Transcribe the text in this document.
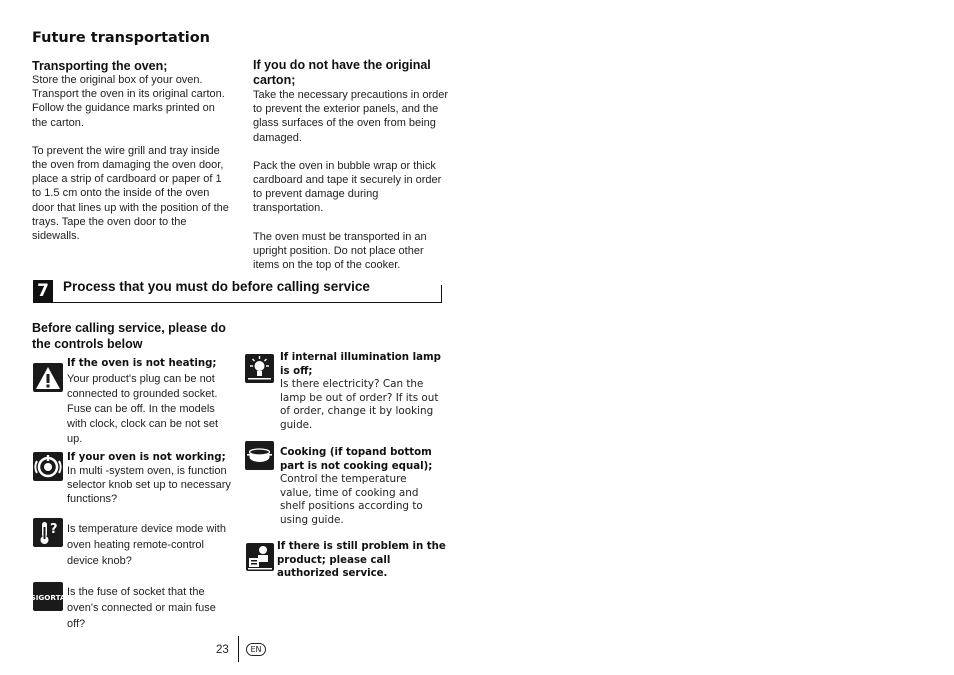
Future transportation
Transporting the oven;

Store the original box of your oven. Transport the oven in its original carton. Follow the guidance marks printed on the carton.

To prevent the wire grill and tray inside the oven from damaging the oven door, place a strip of cardboard or paper of 1 to 1.5 cm onto the inside of the oven door that lines up with the position of the trays. Tape the oven door to the sidewalls.

If you do not have the original carton;

Take the necessary precautions in order to prevent the exterior panels, and the glass surfaces of the oven from being damaged.

Pack the oven in bubble wrap or thick cardboard and tape it securely in order to prevent damage during transportation.

The oven must be transported in an upright position. Do not place other items on the top of the cooker.

7	Process that you must do before calling service
Before calling service, please do the controls below
If the oven is not heating;
Your product's plug can be not connected to grounded socket. Fuse can be off. In the models with clock, clock can be not set up.
If your oven is not working;
In multi -system oven, is function selector knob set up to necessary functions?
? Is temperature device mode with oven heating remote-control device knob?
SIGORTA Is the fuse of socket that the oven's connected or main fuse off?
If internal illumination lamp is off;
Is there electricity? Can the lamp be out of order? If its out of order, change it by looking guide.
Cooking (if topand bottom part is not cooking equal);
Control the temperature value, time of cooking and shelf positions according to using guide.
If there is still problem in the product; please call authorized service.
23	EN
